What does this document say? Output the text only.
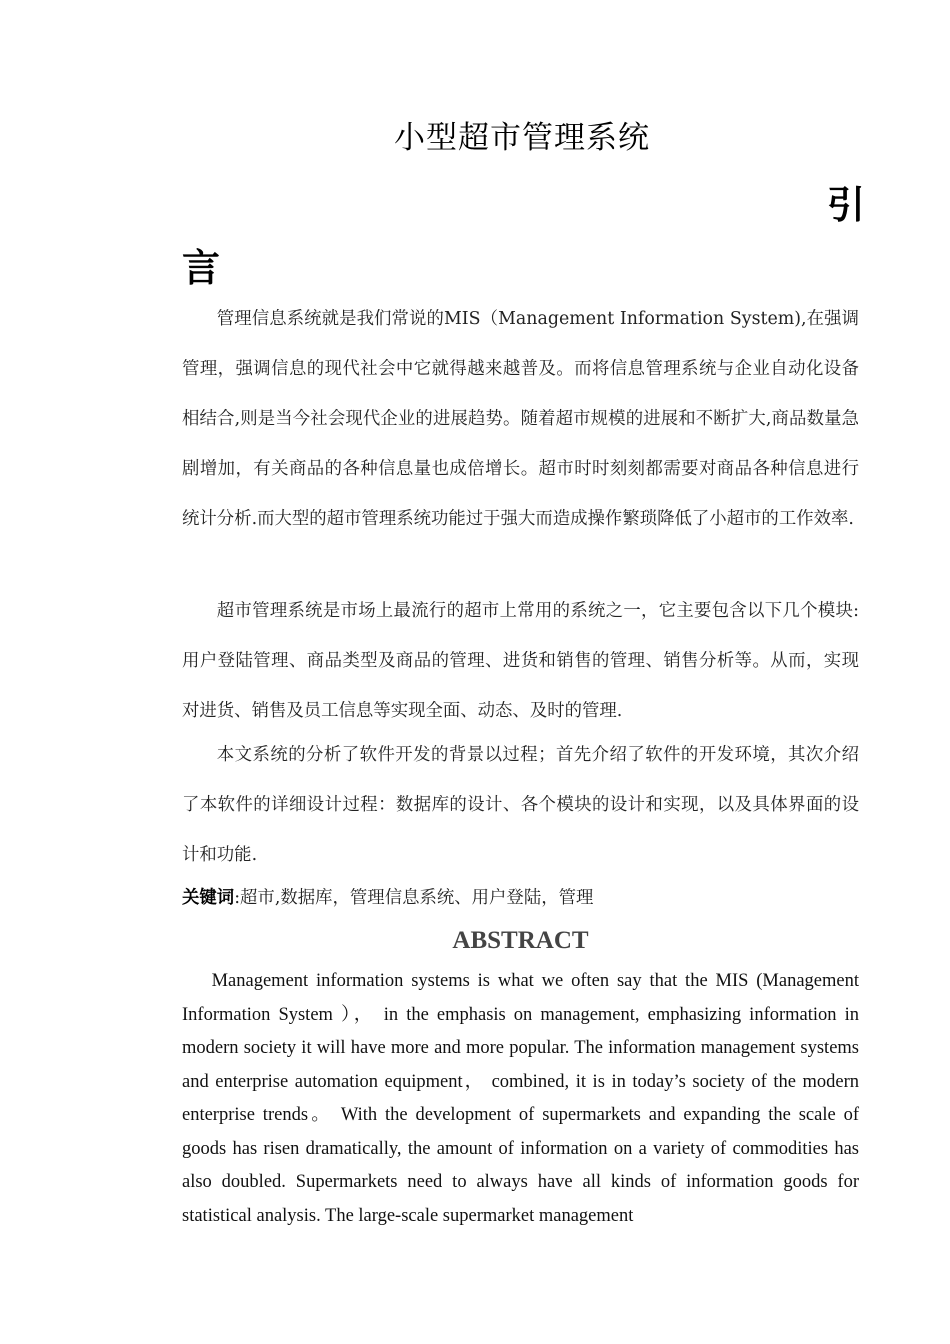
小型超市管理系统
引
言

管理信息系统就是我们常说的MIS（Management Information System),在强调管理，强调信息的现代社会中它就得越来越普及。而将信息管理系统与企业自动化设备相结合,则是当今社会现代企业的进展趋势。随着超市规模的进展和不断扩大,商品数量急剧增加，有关商品的各种信息量也成倍增长。超市时时刻刻都需要对商品各种信息进行统计分析.而大型的超市管理系统功能过于强大而造成操作繁琐降低了小超市的工作效率.

超市管理系统是市场上最流行的超市上常用的系统之一，它主要包含以下几个模块:用户登陆管理、商品类型及商品的管理、进货和销售的管理、销售分析等。从而，实现对进货、销售及员工信息等实现全面、动态、及时的管理.

本文系统的分析了软件开发的背景以过程；首先介绍了软件的开发环境，其次介绍了本软件的详细设计过程：数据库的设计、各个模块的设计和实现，以及具体界面的设计和功能.

关键词:超市,数据库，管理信息系统、用户登陆，管理

ABSTRACT

Management information systems is what we often say that the MIS (Management Information System ）， in the emphasis on management, emphasizing information in modern society it will have more and more popular. The information management systems and enterprise automation equipment， combined, it is in today’s society of the modern enterprise trends。 With the development of supermarkets and expanding the scale of goods has risen dramatically, the amount of information on a variety of commodities has also doubled. Supermarkets need to always have all kinds of information goods for statistical analysis. The large-scale supermarket management
